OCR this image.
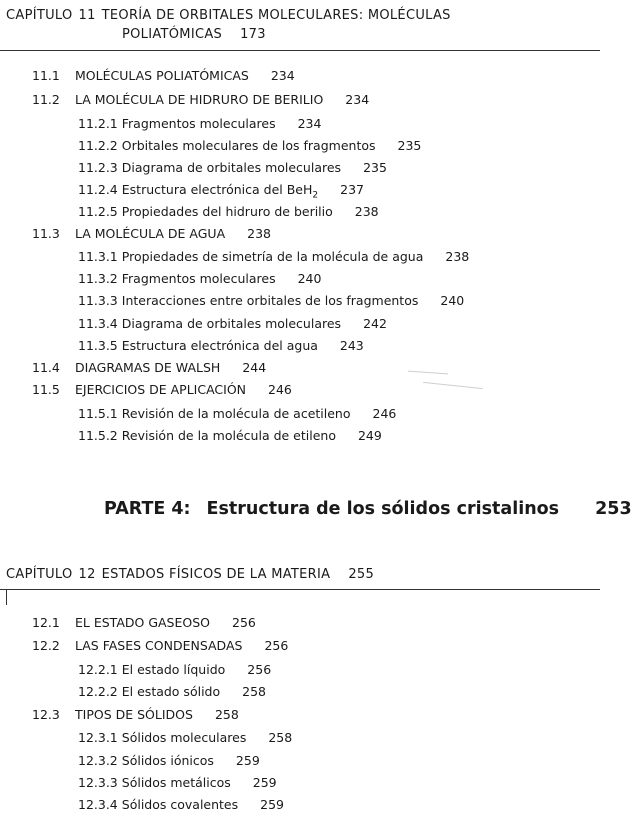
CAPÍTULO 11 TEORÍA DE ORBITALES MOLECULARES: MOLÉCULAS
POLIATÓMICAS 173
11.1 MOLÉCULAS POLIATÓMICAS 234
11.2 LA MOLÉCULA DE HIDRURO DE BERILIO 234
11.2.1 Fragmentos moleculares 234
11.2.2 Orbitales moleculares de los fragmentos 235
11.2.3 Diagrama de orbitales moleculares 235
11.2.4 Estructura electrónica del BeH$_2$ 237
11.2.5 Propiedades del hidruro de berilio 238
11.3 LA MOLÉCULA DE AGUA 238
11.3.1 Propiedades de simetría de la molécula de agua 238
11.3.2 Fragmentos moleculares 240
11.3.3 Interacciones entre orbitales de los fragmentos 240
11.3.4 Diagrama de orbitales moleculares 242
11.3.5 Estructura electrónica del agua 243
11.4 DIAGRAMAS DE WALSH 244
11.5 EJERCICIOS DE APLICACIÓN 246
11.5.1 Revisión de la molécula de acetileno 246
11.5.2 Revisión de la molécula de etileno 249
PARTE 4: Estructura de los sólidos cristalinos 253
CAPÍTULO 12 ESTADOS FÍSICOS DE LA MATERIA 255
12.1 EL ESTADO GASEOSO 256
12.2 LAS FASES CONDENSADAS 256
12.2.1 El estado líquido 256
12.2.2 El estado sólido 258
12.3 TIPOS DE SÓLIDOS 258
12.3.1 Sólidos moleculares 258
12.3.2 Sólidos iónicos 259
12.3.3 Sólidos metálicos 259
12.3.4 Sólidos covalentes 259
